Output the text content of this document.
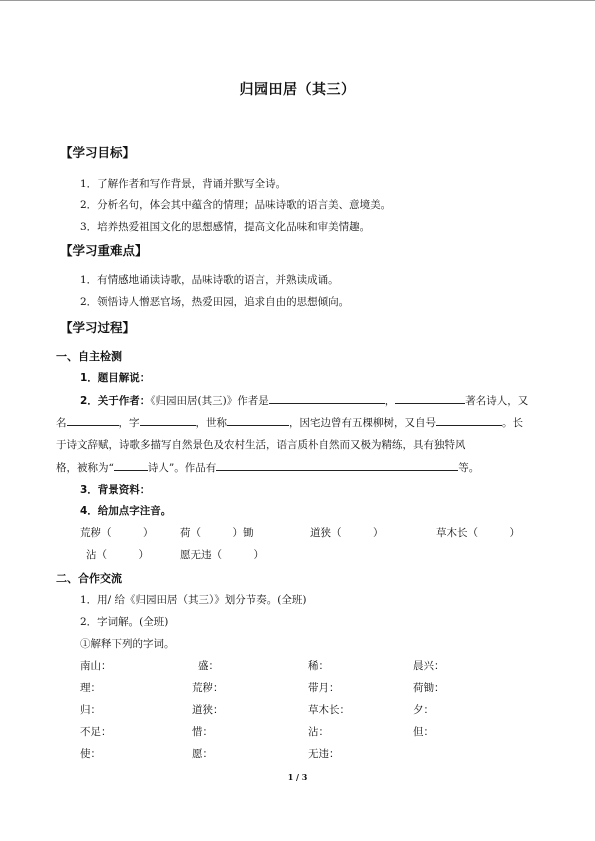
归园田居（其三）
【学习目标】
1．了解作者和写作背景，背诵并默写全诗。
2．分析名句，体会其中蕴含的情理；品味诗歌的语言美、意境美。
3．培养热爱祖国文化的思想感情，提高文化品味和审美情趣。
【学习重难点】
1．有情感地诵读诗歌，品味诗歌的语言，并熟读成诵。
2．领悟诗人憎恶官场，热爱田园，追求自由的思想倾向。
【学习过程】
一、自主检测
1．题目解说：
2．关于作者：《归园田居(其三)》作者是	，	著名诗人，又
名	，字	，世称	，因宅边曾有五棵柳树，又自号	。长
于诗文辞赋，诗歌多描写自然景色及农村生活，语言质朴自然而又极为精练，具有独特风
格，被称为“	诗人”。作品有	等。
3．背景资料：
4．给加点字注音。
荒秽（　　　）	荷（　　　）锄	道狭（　　　）	草木长（　　　）
沾（　　　）	愿无违（　　　）
二、合作交流
1．用/ 给《归园田居（其三）》划分节奏。(全班)
2．字词解。(全班)
①解释下列的字词。
南山：	盛：	稀：	晨兴：
理：	荒秽：	带月：	荷锄：
归：	道狭：	草木长：	夕：
不足：	惜：	沾：	但：
使：	愿：	无违：
1 / 3
